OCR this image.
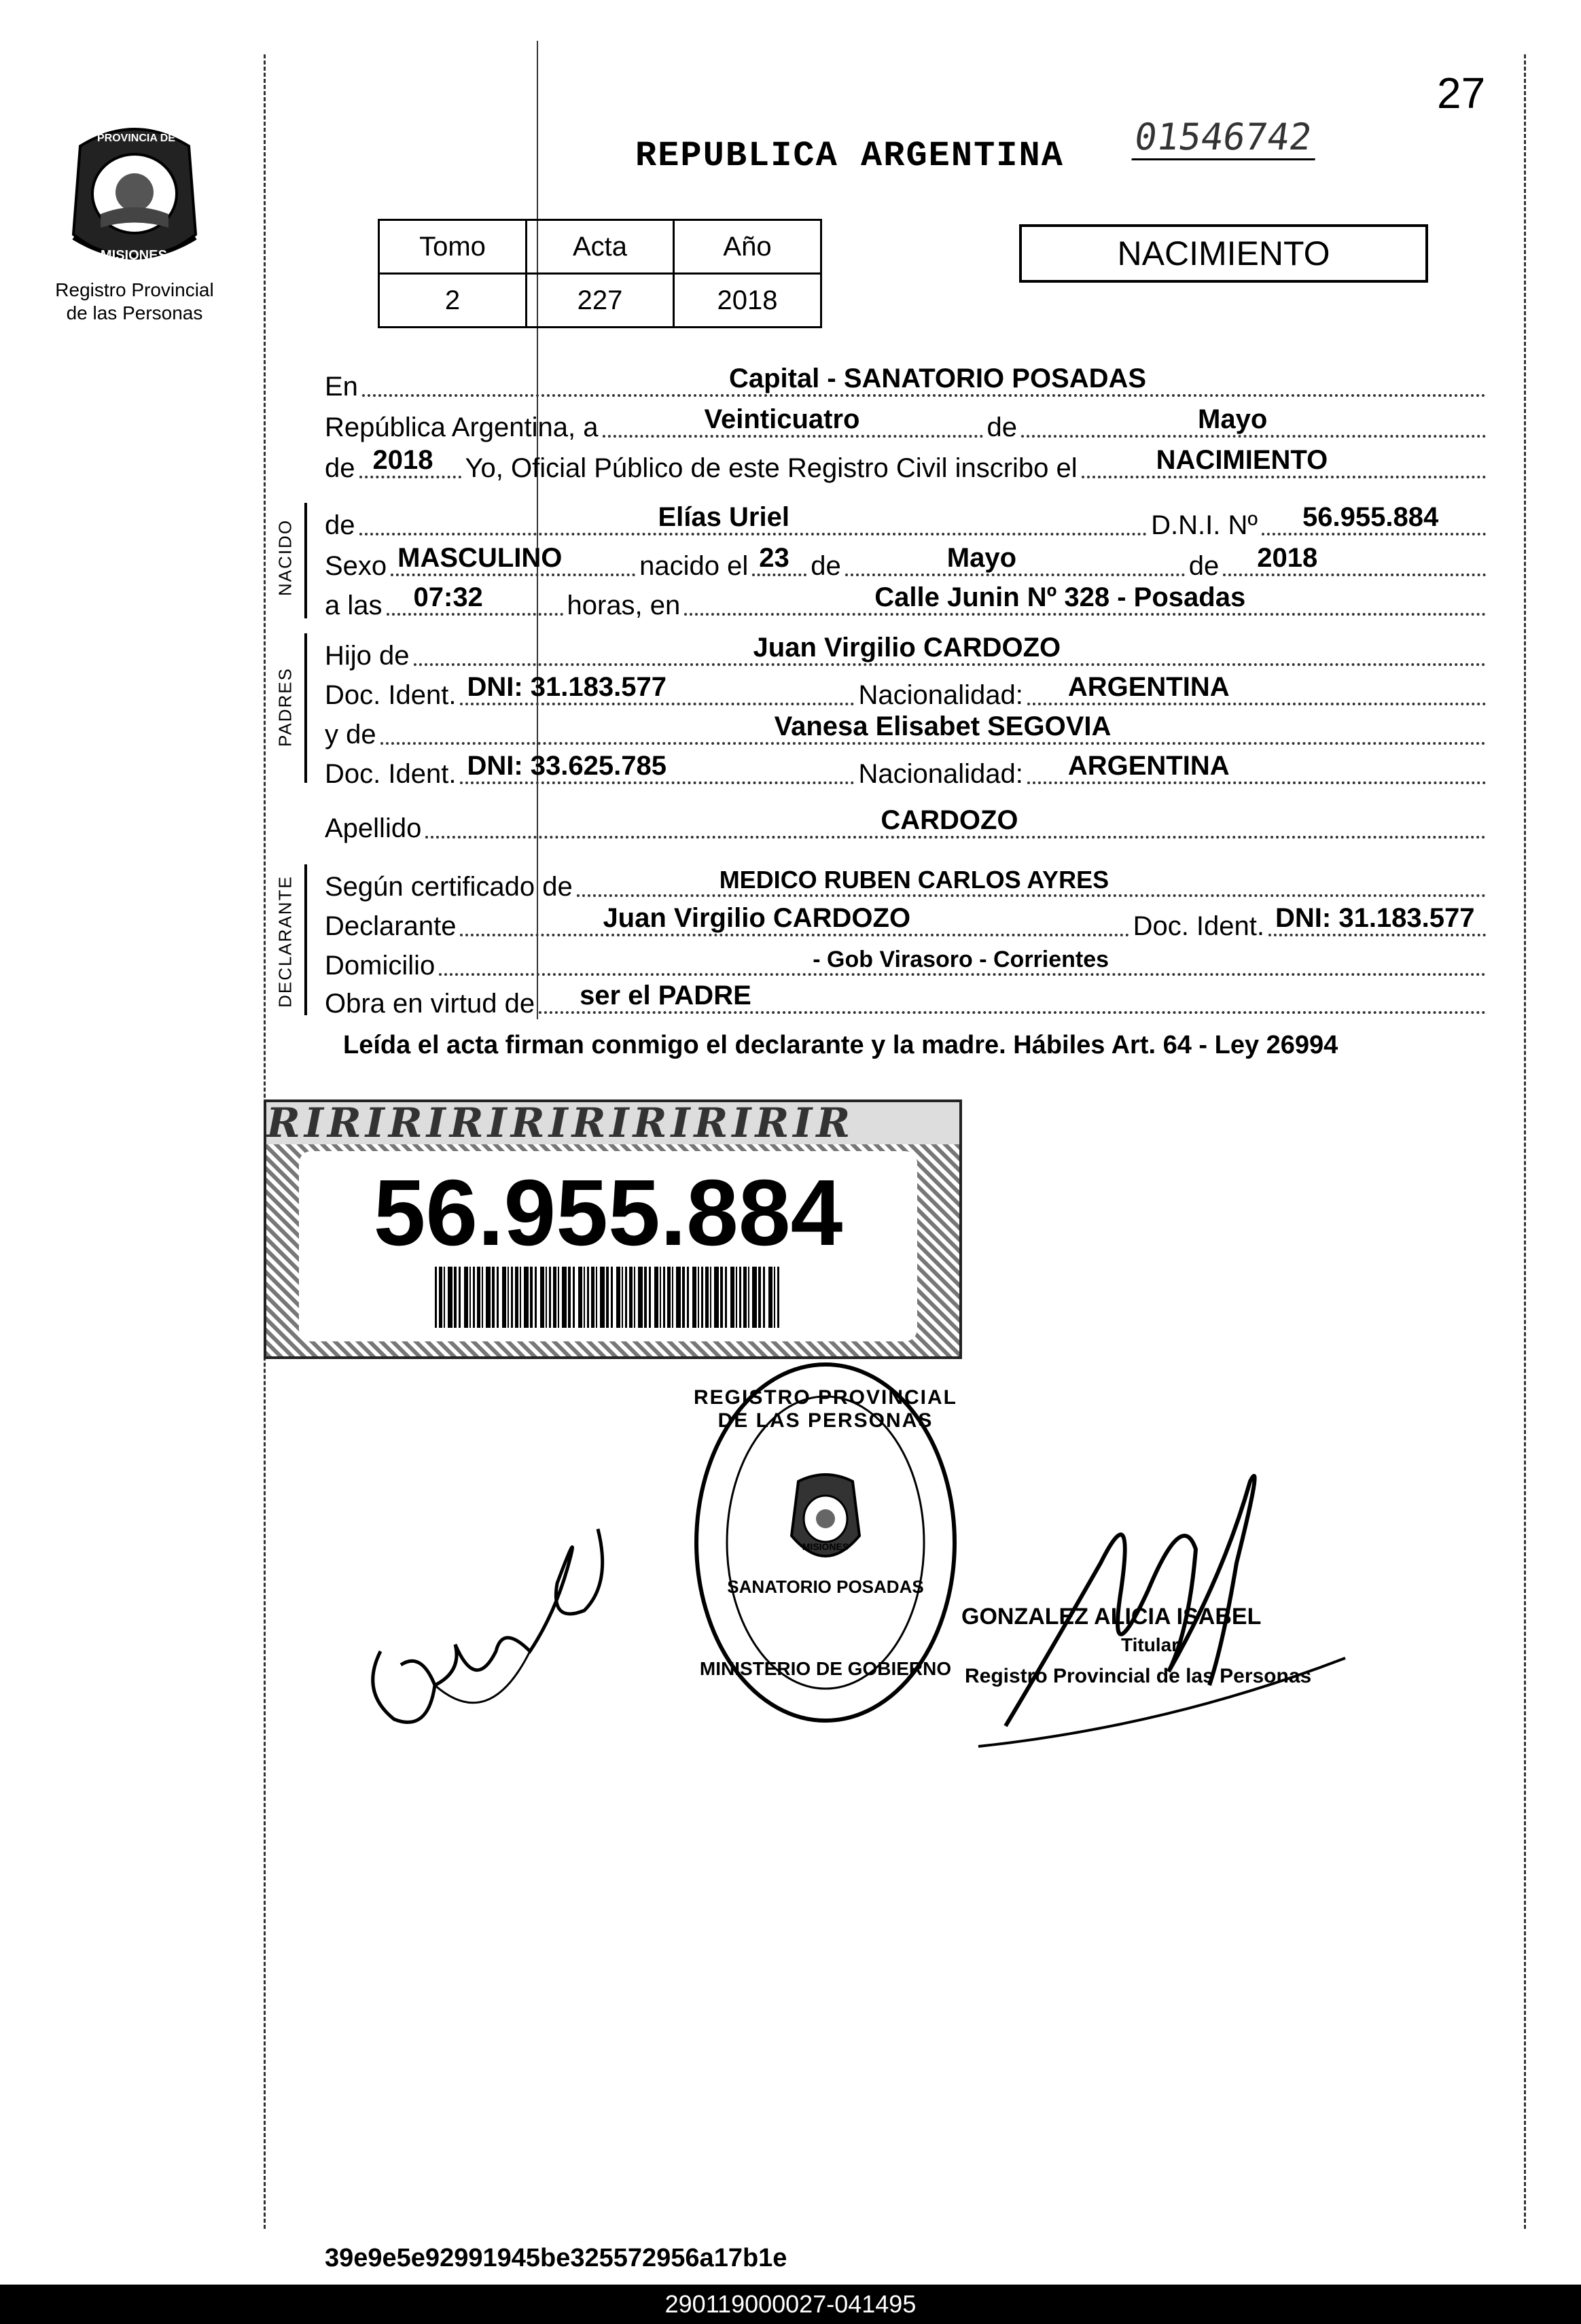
PROVINCIA DE
MISIONES
Registro Provincial
de las Personas
27
REPUBLICA ARGENTINA 01546742
Tomo	Acta	Año
2	227	2018
NACIMIENTO
En	Capital - SANATORIO POSADAS
República Argentina, a	Veinticuatro	de	Mayo
de 2018 Yo, Oficial Público de este Registro Civil inscribo el	NACIMIENTO
NACIDO de	Elías Uriel	D.N.I. Nº 56.955.884
Sexo MASCULINO	nacido el 23 de	Mayo	de 2018
a las 07:32	horas, en	Calle Junin Nº 328 - Posadas
PADRES
Hijo de	Juan Virgilio CARDOZO
Doc. Ident. DNI: 31.183.577	Nacionalidad: ARGENTINA
y de	Vanesa Elisabet SEGOVIA
Doc. Ident. DNI: 33.625.785	Nacionalidad: ARGENTINA
Apellido	CARDOZO
DECLARANTE Según certificado de	MEDICO RUBEN CARLOS AYRES
Declarante	Juan Virgilio CARDOZO	Doc. Ident. DNI: 31.183.577
Domicilio	- Gob Virasoro - Corrientes
Obra en virtud de ser el PADRE
Leída el acta firman conmigo el declarante y la madre. Hábiles Art. 64 - Ley 26994
RIRIRIRIRIRIRIRIRIR
56.955.884
REGISTRO PROVINCIAL DE LAS PERSONAS
SANATORIO POSADAS
MINISTERIO DE GOBIERNO
MISIONES
GONZALEZ ALICIA ISABEL
Titular
Registro Provincial de las Personas
39e9e5e92991945be325572956a17b1e
290119000027-041495
